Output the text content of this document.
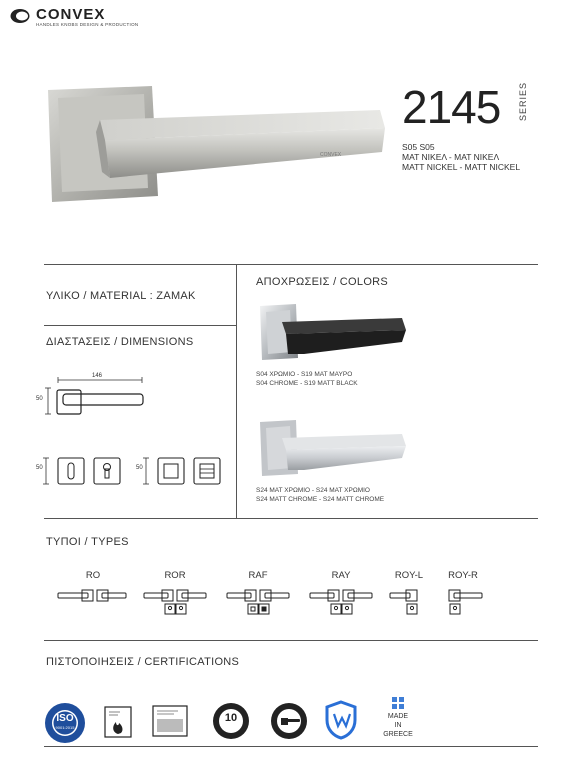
CONVEX
HANDLES KNOBS DESIGN & PRODUCTION
CONVEX
2145 SERIES
S05 S05
ΜΑΤ ΝΙΚΕΛ - ΜΑΤ ΝΙΚΕΛ
MATT NICKEL - MATT NICKEL
ΥΛΙΚΟ / MATERIAL : ZAMAK
ΔΙΑΣΤΑΣΕΙΣ / DIMENSIONS
146
50
50	50
ΑΠΟΧΡΩΣΕΙΣ / COLORS
S04 ΧΡΩΜΙΟ - S19 ΜΑΤ ΜΑΥΡΟ
S04 CHROME - S19 MATT BLACK
S24 ΜΑΤ ΧΡΩΜΙΟ - S24 ΜΑΤ ΧΡΩΜΙΟ
S24 MATT CHROME - S24 MATT CHROME
ΤΥΠΟΙ / TYPES
RO	ROR	RAF	RAY	ROY-L	ROY-R
ΠΙΣΤΟΠΟΙΗΣΕΙΣ / CERTIFICATIONS
ISO
9001:2015
10	MADE
IN
GREECE
